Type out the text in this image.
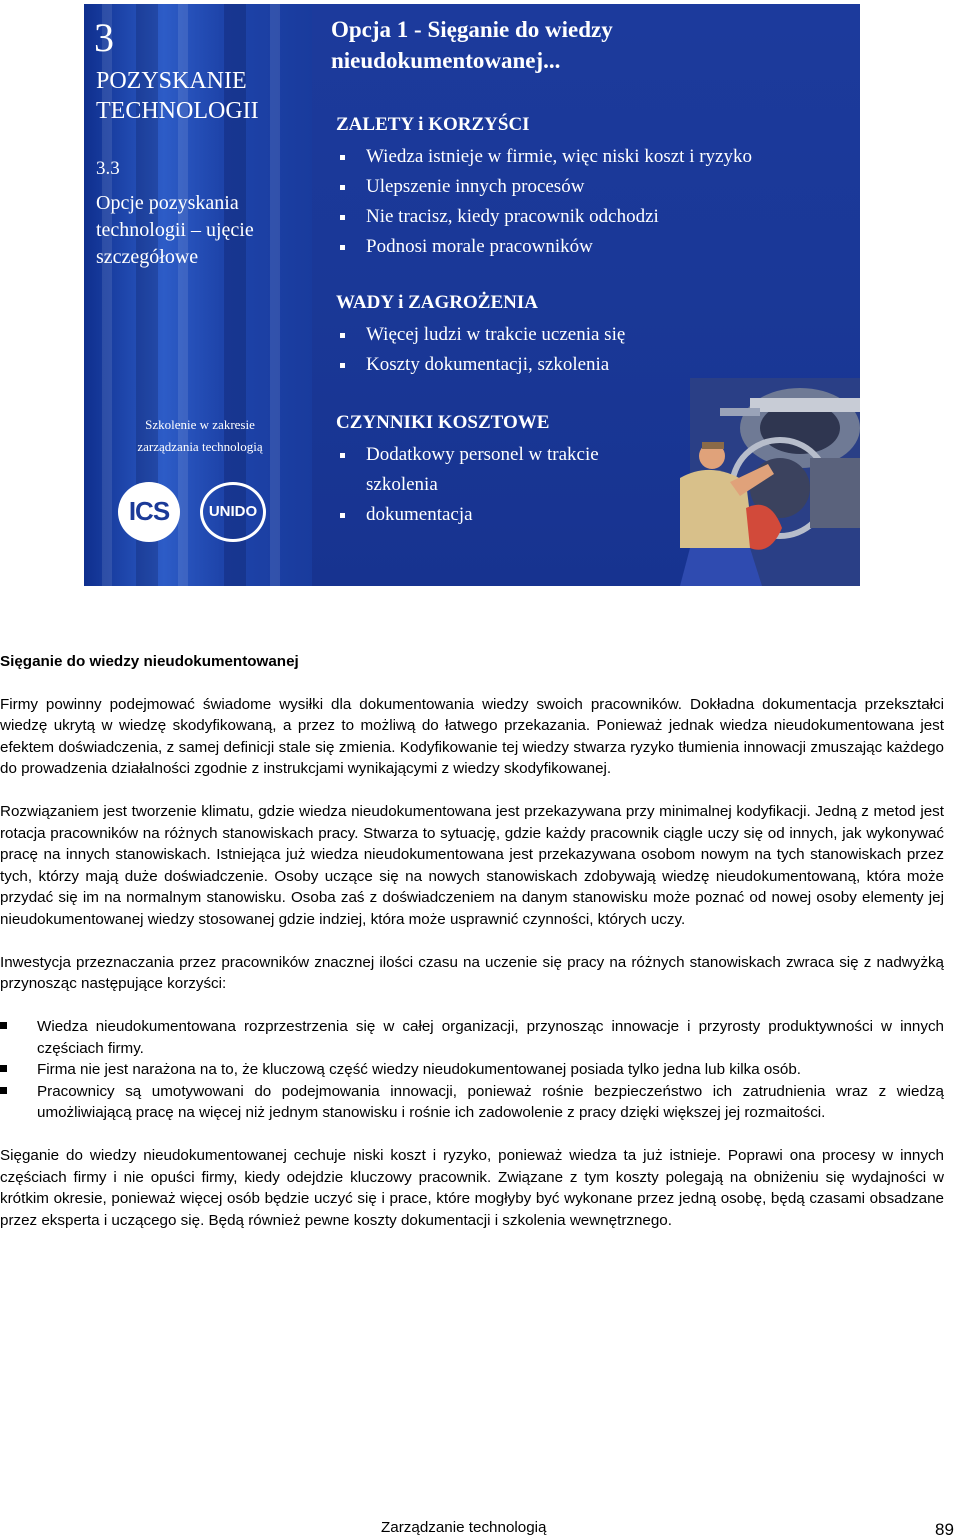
3
POZYSKANIE TECHNOLOGII
3.3
Opcje pozyskania technologii – ujęcie szczegółowe
Szkolenie w zakresie
zarządzania technologią
ICS	UNIDO
Opcja 1 - Sięganie do wiedzy
nieudokumentowanej...
ZALETY i KORZYŚCI
Wiedza istnieje w firmie, więc niski koszt i ryzyko
Ulepszenie innych procesów
Nie tracisz, kiedy pracownik odchodzi
Podnosi morale pracowników
WADY i ZAGROŻENIA
Więcej ludzi w trakcie uczenia się
Koszty dokumentacji, szkolenia
CZYNNIKI KOSZTOWE
Dodatkowy personel w trakcie szkolenia
dokumentacja
Sięganie do wiedzy nieudokumentowanej

Firmy powinny podejmować świadome wysiłki dla dokumentowania wiedzy swoich pracowników. Dokładna dokumentacja przekształci wiedzę ukrytą w wiedzę skodyfikowaną, a przez to możliwą do łatwego przekazania. Ponieważ jednak wiedza nieudokumentowana jest efektem doświadczenia, z samej definicji stale się zmienia. Kodyfikowanie tej wiedzy stwarza ryzyko tłumienia innowacji zmuszając każdego do prowadzenia działalności zgodnie z instrukcjami wynikającymi z wiedzy skodyfikowanej.

Rozwiązaniem jest tworzenie klimatu, gdzie wiedza nieudokumentowana jest przekazywana przy minimalnej kodyfikacji. Jedną z metod jest rotacja pracowników na różnych stanowiskach pracy. Stwarza to sytuację, gdzie każdy pracownik ciągle uczy się od innych, jak wykonywać pracę na innych stanowiskach. Istniejąca już wiedza nieudokumentowana jest przekazywana osobom nowym na tych stanowiskach przez tych, którzy mają duże doświadczenie. Osoby uczące się na nowych stanowiskach zdobywają wiedzę nieudokumentowaną, która może przydać się im na normalnym stanowisku. Osoba zaś z doświadczeniem na danym stanowisku może poznać od nowej osoby elementy jej nieudokumentowanej wiedzy stosowanej gdzie indziej, która może usprawnić czynności, których uczy.

Inwestycja przeznaczania przez pracowników znacznej ilości czasu na uczenie się pracy na różnych stanowiskach zwraca się z nadwyżką przynosząc następujące korzyści:

Wiedza nieudokumentowana rozprzestrzenia się w całej organizacji, przynosząc innowacje i przyrosty produktywności w innych częściach firmy.
Firma nie jest narażona na to, że kluczową część wiedzy nieudokumentowanej posiada tylko jedna lub kilka osób.
Pracownicy są umotywowani do podejmowania innowacji, ponieważ rośnie bezpieczeństwo ich zatrudnienia wraz z wiedzą umożliwiającą pracę na więcej niż jednym stanowisku i rośnie ich zadowolenie z pracy dzięki większej jej rozmaitości.

Sięganie do wiedzy nieudokumentowanej cechuje niski koszt i ryzyko, ponieważ wiedza ta już istnieje. Poprawi ona procesy w innych częściach firmy i nie opuści firmy, kiedy odejdzie kluczowy pracownik. Związane z tym koszty polegają na obniżeniu się wydajności w krótkim okresie, ponieważ więcej osób będzie uczyć się i prace, które mogłyby być wykonane przez jedną osobę, będą czasami obsadzane przez eksperta i uczącego się. Będą również pewne koszty dokumentacji i szkolenia wewnętrznego.

Zarządzanie technologią	89
